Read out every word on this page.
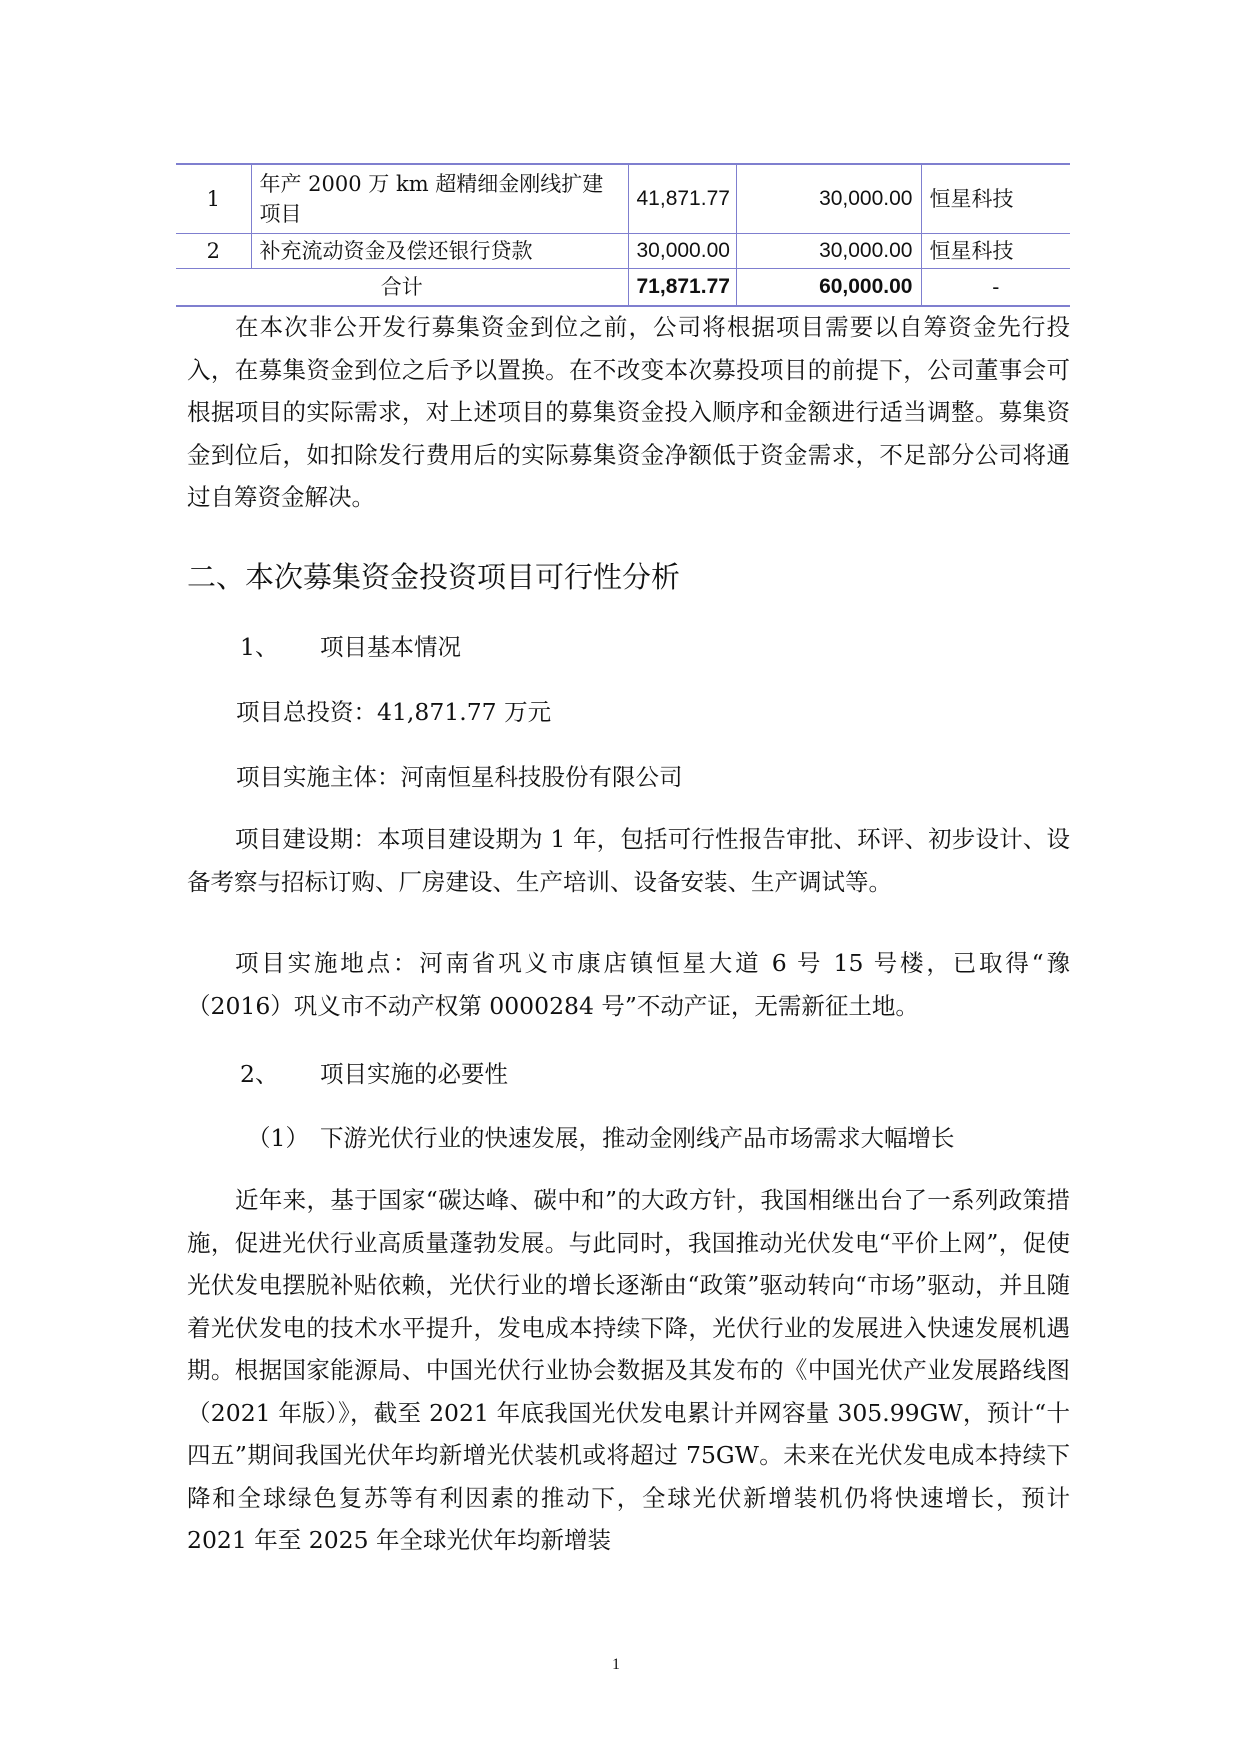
1	年产 2000 万 km 超精细金刚线扩建项目	41,871.77	30,000.00	恒星科技
2	补充流动资金及偿还银行贷款	30,000.00	30,000.00	恒星科技
合计		71,871.77	60,000.00	-

在本次非公开发行募集资金到位之前，公司将根据项目需要以自筹资金先行投入，在募集资金到位之后予以置换。在不改变本次募投项目的前提下，公司董事会可根据项目的实际需求，对上述项目的募集资金投入顺序和金额进行适当调整。募集资金到位后，如扣除发行费用后的实际募集资金净额低于资金需求，不足部分公司将通过自筹资金解决。

二、本次募集资金投资项目可行性分析

1、 项目基本情况

项目总投资：41,871.77 万元

项目实施主体：河南恒星科技股份有限公司

项目建设期：本项目建设期为 1 年，包括可行性报告审批、环评、初步设计、设备考察与招标订购、厂房建设、生产培训、设备安装、生产调试等。

项目实施地点：河南省巩义市康店镇恒星大道 6 号 15 号楼，已取得“豫（2016）巩义市不动产权第 0000284 号”不动产证，无需新征土地。

2、 项目实施的必要性

（1） 下游光伏行业的快速发展，推动金刚线产品市场需求大幅增长

近年来，基于国家“碳达峰、碳中和”的大政方针，我国相继出台了一系列政策措施，促进光伏行业高质量蓬勃发展。与此同时，我国推动光伏发电“平价上网”，促使光伏发电摆脱补贴依赖，光伏行业的增长逐渐由“政策”驱动转向“市场”驱动，并且随着光伏发电的技术水平提升，发电成本持续下降，光伏行业的发展进入快速发展机遇期。根据国家能源局、中国光伏行业协会数据及其发布的《中国光伏产业发展路线图（2021 年版）》，截至 2021 年底我国光伏发电累计并网容量 305.99GW，预计“十四五”期间我国光伏年均新增光伏装机或将超过 75GW。未来在光伏发电成本持续下降和全球绿色复苏等有利因素的推动下，全球光伏新增装机仍将快速增长，预计 2021 年至 2025 年全球光伏年均新增装

1
